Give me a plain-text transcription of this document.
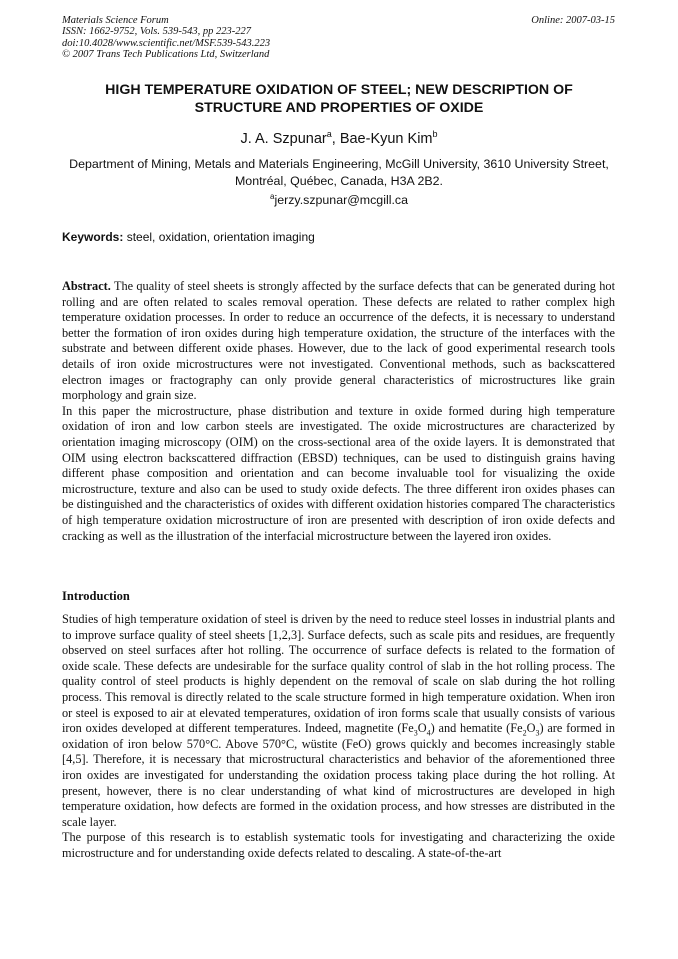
Materials Science Forum
ISSN: 1662-9752, Vols. 539-543, pp 223-227
doi:10.4028/www.scientific.net/MSF.539-543.223
© 2007 Trans Tech Publications Ltd, Switzerland
Online: 2007-03-15
HIGH TEMPERATURE OXIDATION OF STEEL; NEW DESCRIPTION OF
STRUCTURE AND PROPERTIES OF OXIDE
J. A. Szpunar$^a$, Bae-Kyun Kim$^b$
Department of Mining, Metals and Materials Engineering, McGill University, 3610 University Street,
Montréal, Québec, Canada, H3A 2B2.
$^a$jerzy.szpunar@mcgill.ca
Keywords: steel, oxidation, orientation imaging

Abstract. The quality of steel sheets is strongly affected by the surface defects that can be generated during hot rolling and are often related to scales removal operation. These defects are related to rather complex high temperature oxidation processes. In order to reduce an occurrence of the defects, it is necessary to understand better the formation of iron oxides during high temperature oxidation, the structure of the interfaces with the substrate and between different oxide phases. However, due to the lack of good experimental research tools details of iron oxide microstructures were not investigated. Conventional methods, such as backscattered electron images or fractography can only provide general characteristics of microstructures like grain morphology and grain size.

In this paper the microstructure, phase distribution and texture in oxide formed during high temperature oxidation of iron and low carbon steels are investigated. The oxide microstructures are characterized by orientation imaging microscopy (OIM) on the cross-sectional area of the oxide layers. It is demonstrated that OIM using electron backscattered diffraction (EBSD) techniques, can be used to distinguish grains having different phase composition and orientation and can become invaluable tool for visualizing the oxide microstructure, texture and also can be used to study oxide defects. The three different iron oxides phases can be distinguished and the characteristics of oxides with different oxidation histories compared The characteristics of high temperature oxidation microstructure of iron are presented with description of iron oxide defects and cracking as well as the illustration of the interfacial microstructure between the layered iron oxides.

Introduction

Studies of high temperature oxidation of steel is driven by the need to reduce steel losses in industrial plants and to improve surface quality of steel sheets [1,2,3]. Surface defects, such as scale pits and residues, are frequently observed on steel surfaces after hot rolling. The occurrence of surface defects is related to the formation of oxide scale. These defects are undesirable for the surface quality control of slab in the hot rolling process. The quality control of steel products is highly dependent on the removal of scale on slab during the hot rolling process. This removal is directly related to the scale structure formed in high temperature oxidation. When iron or steel is exposed to air at elevated temperatures, oxidation of iron forms scale that usually consists of various iron oxides developed at different temperatures. Indeed, magnetite $(Fe_3O_4)$ and hematite $(Fe_2O_3)$ are formed in oxidation of iron below 570°C. Above 570°C, wüstite (FeO) grows quickly and becomes increasingly stable [4,5]. Therefore, it is necessary that microstructural characteristics and behavior of the aforementioned three iron oxides are investigated for understanding the oxidation process taking place during the hot rolling. At present, however, there is no clear understanding of what kind of microstructures are developed in high temperature oxidation, how defects are formed in the oxidation process, and how stresses are distributed in the scale layer.

The purpose of this research is to establish systematic tools for investigating and characterizing the oxide microstructure and for understanding oxide defects related to descaling. A state-of-the-art
